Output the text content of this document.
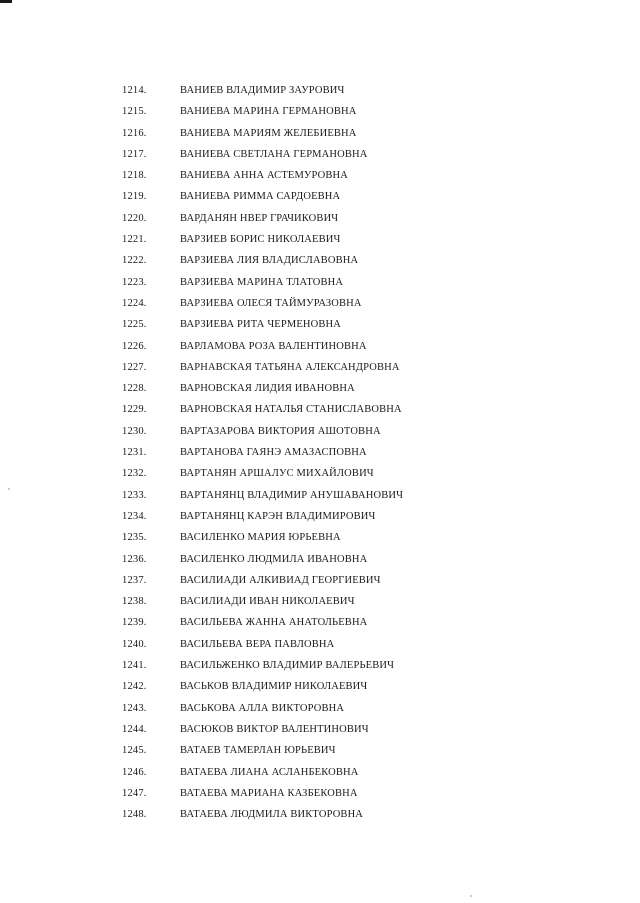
1214.	ВАНИЕВ ВЛАДИМИР ЗАУРОВИЧ
1215.	ВАНИЕВА МАРИНА ГЕРМАНОВНА
1216.	ВАНИЕВА МАРИЯМ ЖЕЛЕБИЕВНА
1217.	ВАНИЕВА СВЕТЛАНА ГЕРМАНОВНА
1218.	ВАНИЕВА АННА АСТЕМУРОВНА
1219.	ВАНИЕВА РИММА САРДОЕВНА
1220.	ВАРДАНЯН НВЕР ГРАЧИКОВИЧ
1221.	ВАРЗИЕВ БОРИС НИКОЛАЕВИЧ
1222.	ВАРЗИЕВА ЛИЯ ВЛАДИСЛАВОВНА
1223.	ВАРЗИЕВА МАРИНА ТЛАТОВНА
1224.	ВАРЗИЕВА ОЛЕСЯ ТАЙМУРАЗОВНА
1225.	ВАРЗИЕВА РИТА ЧЕРМЕНОВНА
1226.	ВАРЛАМОВА РОЗА ВАЛЕНТИНОВНА
1227.	ВАРНАВСКАЯ ТАТЬЯНА АЛЕКСАНДРОВНА
1228.	ВАРНОВСКАЯ ЛИДИЯ ИВАНОВНА
1229.	ВАРНОВСКАЯ НАТАЛЬЯ СТАНИСЛАВОВНА
1230.	ВАРТАЗАРОВА ВИКТОРИЯ АШОТОВНА
1231.	ВАРТАНОВА ГАЯНЭ АМАЗАСПОВНА
1232.	ВАРТАНЯН АРШАЛУС МИХАЙЛОВИЧ
1233.	ВАРТАНЯНЦ ВЛАДИМИР АНУШАВАНОВИЧ
1234.	ВАРТАНЯНЦ КАРЭН ВЛАДИМИРОВИЧ
1235.	ВАСИЛЕНКО МАРИЯ ЮРЬЕВНА
1236.	ВАСИЛЕНКО ЛЮДМИЛА ИВАНОВНА
1237.	ВАСИЛИАДИ АЛКИВИАД ГЕОРГИЕВИЧ
1238.	ВАСИЛИАДИ ИВАН НИКОЛАЕВИЧ
1239.	ВАСИЛЬЕВА ЖАННА АНАТОЛЬЕВНА
1240.	ВАСИЛЬЕВА ВЕРА ПАВЛОВНА
1241.	ВАСИЛЬЖЕНКО ВЛАДИМИР ВАЛЕРЬЕВИЧ
1242.	ВАСЬКОВ ВЛАДИМИР НИКОЛАЕВИЧ
1243.	ВАСЬКОВА АЛЛА ВИКТОРОВНА
1244.	ВАСЮКОВ ВИКТОР ВАЛЕНТИНОВИЧ
1245.	ВАТАЕВ ТАМЕРЛАН ЮРЬЕВИЧ
1246.	ВАТАЕВА ЛИАНА АСЛАНБЕКОВНА
1247.	ВАТАЕВА МАРИАНА КАЗБЕКОВНА
1248.	ВАТАЕВА ЛЮДМИЛА ВИКТОРОВНА
